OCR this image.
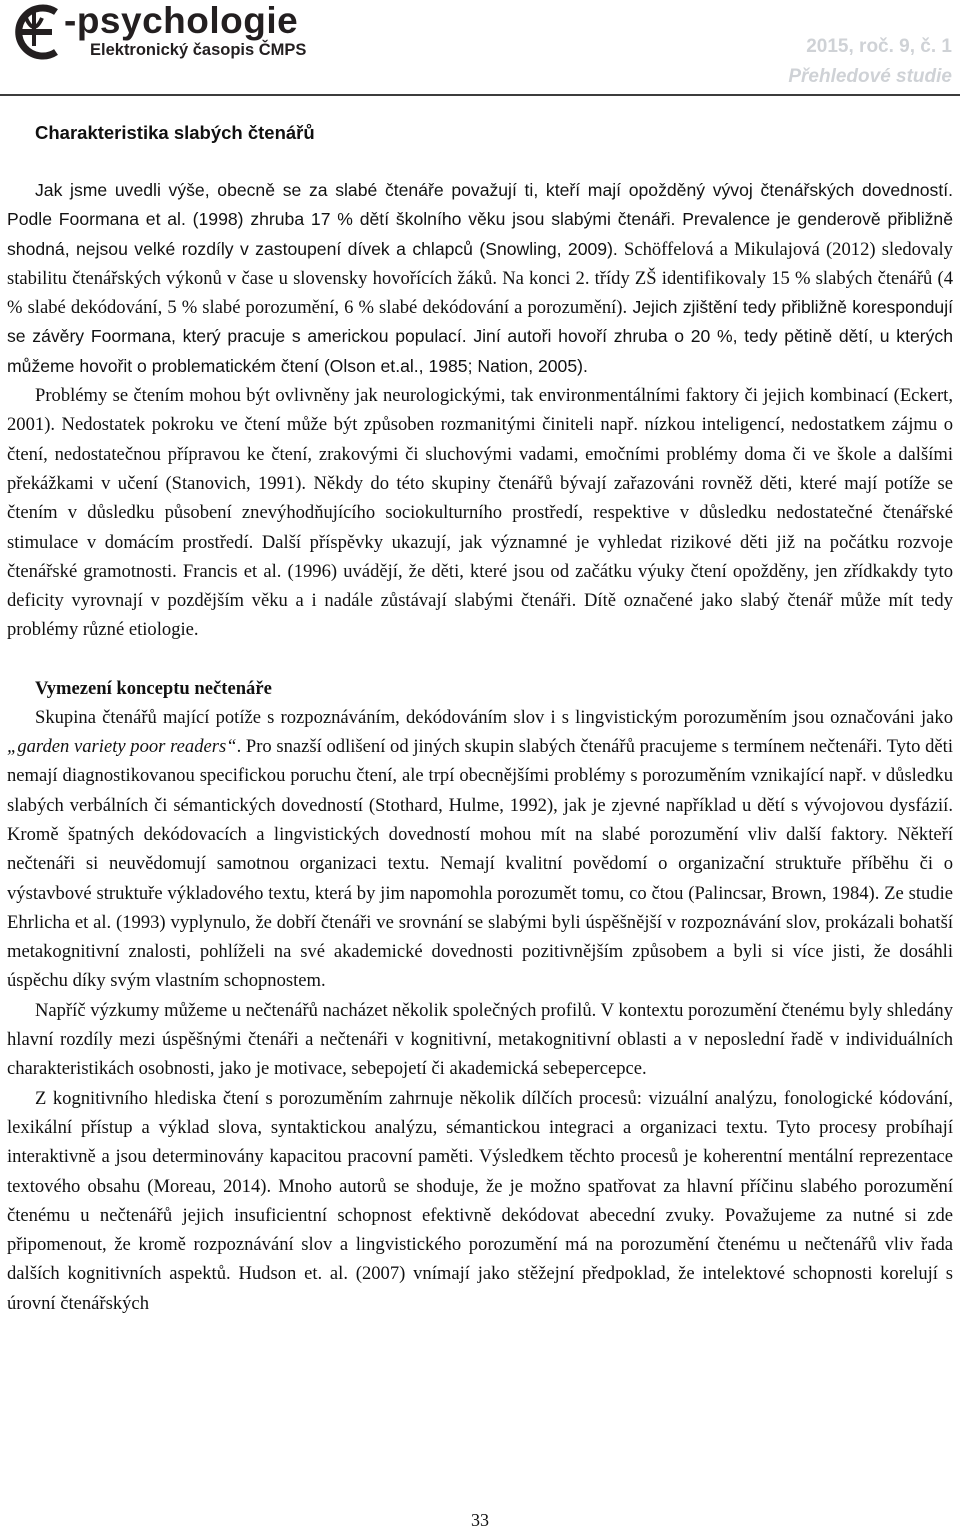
-psychologie
Elektronický časopis ČMPS	2015, roč. 9, č. 1
Přehledové studie
Charakteristika slabých čtenářů

Jak jsme uvedli výše, obecně se za slabé čtenáře považují ti, kteří mají opožděný vývoj čtenářských dovedností. Podle Foormana et al. (1998) zhruba 17 % dětí školního věku jsou slabými čtenáři. Prevalence je genderově přibližně shodná, nejsou velké rozdíly v zastoupení dívek a chlapců (Snowling, 2009). Schöffelová a Mikulajová (2012) sledovaly stabilitu čtenářských výkonů v čase u slovensky hovořících žáků. Na konci 2. třídy ZŠ identifikovaly 15 % slabých čtenářů (4 % slabé dekódování, 5 % slabé porozumění, 6 % slabé dekódování a porozumění). Jejich zjištění tedy přibližně korespondují se závěry Foormana, který pracuje s americkou populací. Jiní autoři hovoří zhruba o 20 %, tedy pětině dětí, u kterých můžeme hovořit o problematickém čtení (Olson et.al., 1985; Nation, 2005).

Problémy se čtením mohou být ovlivněny jak neurologickými, tak environmentálními faktory či jejich kombinací (Eckert, 2001). Nedostatek pokroku ve čtení může být způsoben rozmanitými činiteli např. nízkou inteligencí, nedostatkem zájmu o čtení, nedostatečnou přípravou ke čtení, zrakovými či sluchovými vadami, emočními problémy doma či ve škole a dalšími překážkami v učení (Stanovich, 1991). Někdy do této skupiny čtenářů bývají zařazováni rovněž děti, které mají potíže se čtením v důsledku působení znevýhodňujícího sociokulturního prostředí, respektive v důsledku nedostatečné čtenářské stimulace v domácím prostředí. Další příspěvky ukazují, jak významné je vyhledat rizikové děti již na počátku rozvoje čtenářské gramotnosti. Francis et al. (1996) uvádějí, že děti, které jsou od začátku výuky čtení opožděny, jen zřídkakdy tyto deficity vyrovnají v pozdějším věku a i nadále zůstávají slabými čtenáři. Dítě označené jako slabý čtenář může mít tedy problémy různé etiologie.

Vymezení konceptu nečtenáře

Skupina čtenářů mající potíže s rozpoznáváním, dekódováním slov i s lingvistickým porozuměním jsou označováni jako „garden variety poor readers“. Pro snazší odlišení od jiných skupin slabých čtenářů pracujeme s termínem nečtenáři. Tyto děti nemají diagnostikovanou specifickou poruchu čtení, ale trpí obecnějšími problémy s porozuměním vznikající např. v důsledku slabých verbálních či sémantických dovedností (Stothard, Hulme, 1992), jak je zjevné například u dětí s vývojovou dysfázií. Kromě špatných dekódovacích a lingvistických dovedností mohou mít na slabé porozumění vliv další faktory. Někteří nečtenáři si neuvědomují samotnou organizaci textu. Nemají kvalitní povědomí o organizační struktuře příběhu či o výstavbové struktuře výkladového textu, která by jim napomohla porozumět tomu, co čtou (Palincsar, Brown, 1984). Ze studie Ehrlicha et al. (1993) vyplynulo, že dobří čtenáři ve srovnání se slabými byli úspěšnější v rozpoznávání slov, prokázali bohatší metakognitivní znalosti, pohlíželi na své akademické dovednosti pozitivnějším způsobem a byli si více jisti, že dosáhli úspěchu díky svým vlastním schopnostem.

Napříč výzkumy můžeme u nečtenářů nacházet několik společných profilů. V kontextu porozumění čtenému byly shledány hlavní rozdíly mezi úspěšnými čtenáři a nečtenáři v kognitivní, metakognitivní oblasti a v neposlední řadě v individuálních charakteristikách osobnosti, jako je motivace, sebepojetí či akademická sebepercepce.

Z kognitivního hlediska čtení s porozuměním zahrnuje několik dílčích procesů: vizuální analýzu, fonologické kódování, lexikální přístup a výklad slova, syntaktickou analýzu, sémantickou integraci a organizaci textu. Tyto procesy probíhají interaktivně a jsou determinovány kapacitou pracovní paměti. Výsledkem těchto procesů je koherentní mentální reprezentace textového obsahu (Moreau, 2014). Mnoho autorů se shoduje, že je možno spatřovat za hlavní příčinu slabého porozumění čtenému u nečtenářů jejich insuficientní schopnost efektivně dekódovat abecední zvuky. Považujeme za nutné si zde připomenout, že kromě rozpoznávání slov a lingvistického porozumění má na porozumění čtenému u nečtenářů vliv řada dalších kognitivních aspektů. Hudson et. al. (2007) vnímají jako stěžejní předpoklad, že intelektové schopnosti korelují s úrovní čtenářských

33
